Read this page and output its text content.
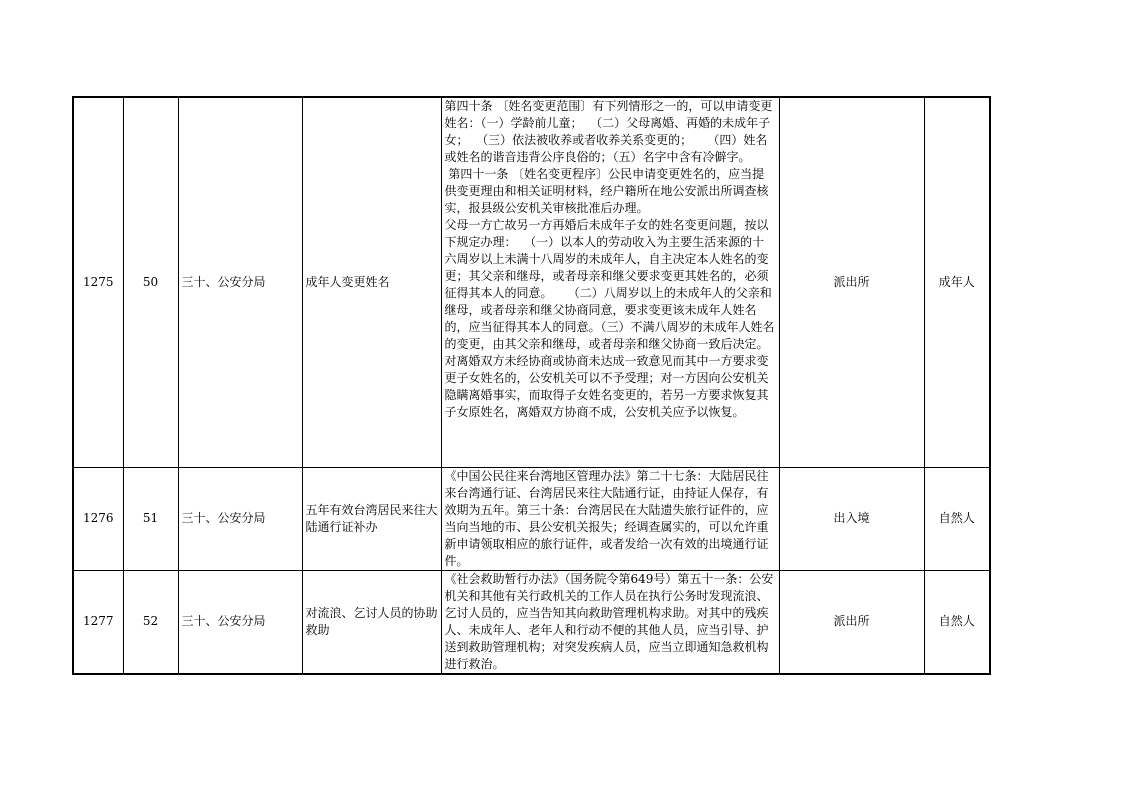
1275	50	三十、公安分局	成年人变更姓名	第四十条 〔姓名变更范围〕有下列情形之一的，可以申请变更姓名：（一）学龄前儿童；  （二）父母离婚、再婚的未成年子女；  （三）依法被收养或者收养关系变更的；    （四）姓名或姓名的谐音违背公序良俗的；（五）名字中含有冷僻字。
第四十一条 〔姓名变更程序〕公民申请变更姓名的，应当提供变更理由和相关证明材料，经户籍所在地公安派出所调查核实，报县级公安机关审核批准后办理。
父母一方亡故另一方再婚后未成年子女的姓名变更问题，按以下规定办理：  （一）以本人的劳动收入为主要生活来源的十六周岁以上未满十八周岁的未成年人，自主决定本人姓名的变更；其父亲和继母，或者母亲和继父要求变更其姓名的，必须征得其本人的同意。    （二）八周岁以上的未成年人的父亲和继母，或者母亲和继父协商同意，要求变更该未成年人姓名的，应当征得其本人的同意。（三）不满八周岁的未成年人姓名的变更，由其父亲和继母，或者母亲和继父协商一致后决定。对离婚双方未经协商或协商未达成一致意见而其中一方要求变更子女姓名的，公安机关可以不予受理；对一方因向公安机关隐瞒离婚事实，而取得子女姓名变更的，若另一方要求恢复其子女原姓名，离婚双方协商不成，公安机关应予以恢复。	派出所	成年人
1276	51	三十、公安分局	五年有效台湾居民来往大陆通行证补办	《中国公民往来台湾地区管理办法》第二十七条：大陆居民往来台湾通行证、台湾居民来往大陆通行证，由持证人保存，有效期为五年。第三十条：台湾居民在大陆遗失旅行证件的，应当向当地的市、县公安机关报失；经调查属实的，可以允许重新申请领取相应的旅行证件，或者发给一次有效的出境通行证件。	出入境	自然人
1277	52	三十、公安分局	对流浪、乞讨人员的协助救助	《社会救助暂行办法》（国务院令第649号）第五十一条：公安机关和其他有关行政机关的工作人员在执行公务时发现流浪、乞讨人员的，应当告知其向救助管理机构求助。对其中的残疾人、未成年人、老年人和行动不便的其他人员，应当引导、护送到救助管理机构；对突发疾病人员，应当立即通知急救机构进行救治。	派出所	自然人
